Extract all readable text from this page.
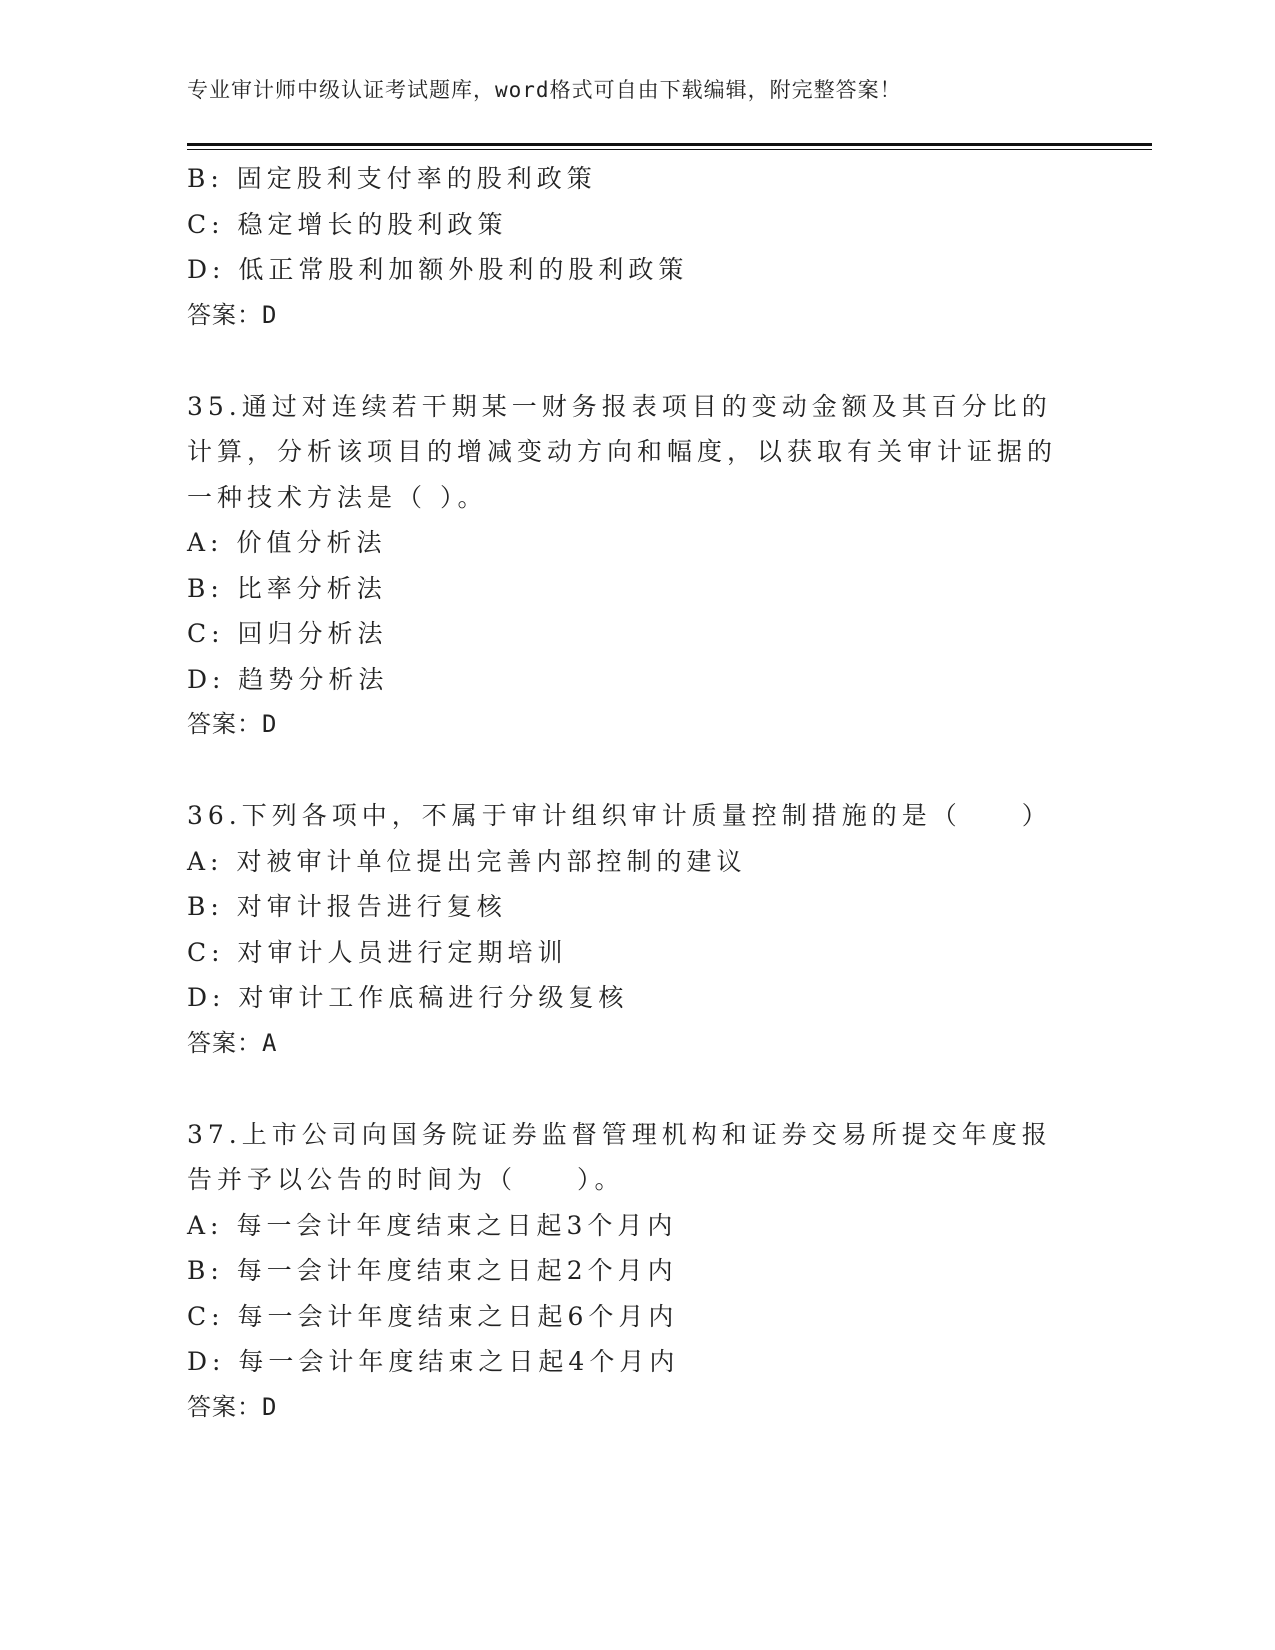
专业审计师中级认证考试题库，word格式可自由下载编辑，附完整答案！
B: 固定股利支付率的股利政策
C: 稳定增长的股利政策
D: 低正常股利加额外股利的股利政策
答案：D
35.通过对连续若干期某一财务报表项目的变动金额及其百分比的计算，分析该项目的增减变动方向和幅度，以获取有关审计证据的一种技术方法是（ ）。
A: 价值分析法
B: 比率分析法
C: 回归分析法
D: 趋势分析法
答案：D
36.下列各项中，不属于审计组织审计质量控制措施的是（　　）
A: 对被审计单位提出完善内部控制的建议
B: 对审计报告进行复核
C: 对审计人员进行定期培训
D: 对审计工作底稿进行分级复核
答案：A
37.上市公司向国务院证券监督管理机构和证券交易所提交年度报告并予以公告的时间为（　　）。
A: 每一会计年度结束之日起3个月内
B: 每一会计年度结束之日起2个月内
C: 每一会计年度结束之日起6个月内
D: 每一会计年度结束之日起4个月内
答案：D
